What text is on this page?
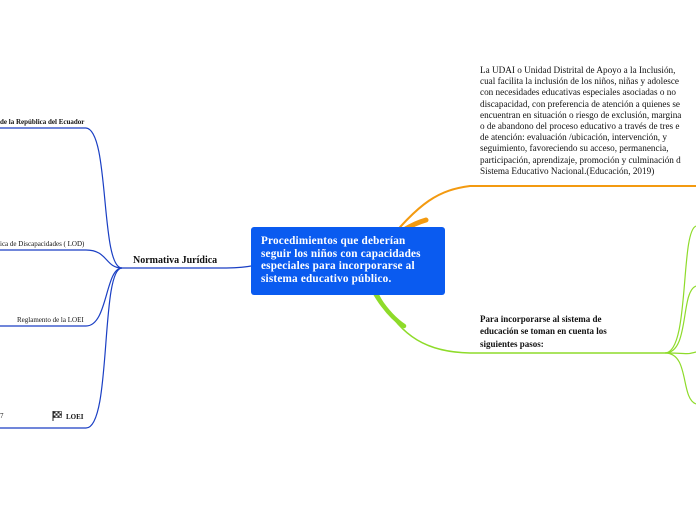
Procedimientos que deberían
seguir los niños con capacidades
especiales para incorporarse al
sistema educativo público.
Normativa Jurídica
de la República del Ecuador
ica de Discapacidades ( LOD)
Reglamento de la LOEI
7	LOEI
La UDAI o Unidad Distrital de Apoyo a la Inclusión,
cual facilita la inclusión de los niños, niñas y adolesce
con necesidades educativas especiales asociadas o no
discapacidad, con preferencia de atención a quienes se
encuentran en situación o riesgo de exclusión, margina
o de abandono del proceso educativo a través de tres e
de atención: evaluación /ubicación, intervención, y
seguimiento, favoreciendo su acceso, permanencia,
participación, aprendizaje, promoción y culminación d
Sistema Educativo Nacional.(Educación, 2019)
Para incorporarse al sistema de
educación se toman en cuenta los
siguientes pasos:
